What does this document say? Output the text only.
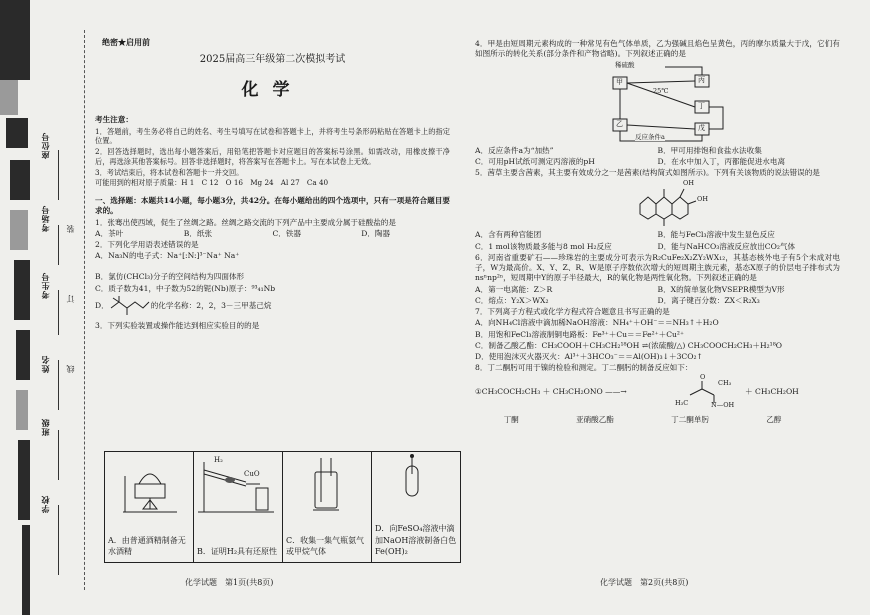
学校
班级
姓名
考生号
考场号
座位号
装
订
线
绝密★启用前
2025届高三年级第二次模拟考试
化学
考生注意：
1．答题前，考生务必将自己的姓名、考生号填写在试卷和答题卡上，并将考生号条形码粘贴在答题卡上的指定位置。
2．回答选择题时，选出每小题答案后，用铅笔把答题卡对应题目的答案标号涂黑。如需改动，用橡皮擦干净后，再选涂其他答案标号。回答非选择题时，将答案写在答题卡上。写在本试卷上无效。
3．考试结束后，将本试卷和答题卡一并交回。
可能用到的相对原子质量：H 1　C 12　O 16　Mg 24　Al 27　Ca 40
一、选择题：本题共14小题，每小题3分，共42分。在每小题给出的四个选项中，只有一项是符合题目要求的。
1．张骞出使西域，促生了丝绸之路。丝绸之路交流的下列产品中主要成分属于硅酸盐的是
A．茶叶	B．纸张	C．铁器	D．陶器
2．下列化学用语表述错误的是
A．Na₃N的电子式：Na⁺[:N:]³⁻Na⁺ Na⁺
B．氯仿(CHCl₃)分子的空间结构为四面体形
C．质子数为41，中子数为52的铌(Nb)原子：⁹³₄₁Nb
D．	的化学名称：2，2，3－三甲基己烷
3．下列实验装置或操作能达到相应实验目的的是
A．由普通酒精制备无水酒精
H₂
CuO
B．证明H₂具有还原性
C．收集一集气瓶氨气或甲烷气体
D．向FeSO₄溶液中滴加NaOH溶液制备白色Fe(OH)₂
化学试题　第1页(共8页)
4．甲是由短周期元素构成的一种常见有色气体单质，乙为强碱且焰色呈黄色，丙的摩尔质量大于戊，它们有如图所示的转化关系(部分条件和产物省略)。下列叙述正确的是
稀硫酸
甲
乙
丙
丁
戊
25℃
反应条件a
A．反应条件a为“加热”	B．甲可用排饱和食盐水法收集
C．可用pH试纸可测定丙溶液的pH	D．在水中加入丁，丙都能促进水电离
5．茜草主要含茜素，其主要有效成分之一是茜素(结构简式如图所示)。下列有关该物质的说法错误的是
OH
OH
A．含有两种官能团	B．能与FeCl₃溶液中发生显色反应
C．1 mol该物质最多能与8 mol H₂反应	D．能与NaHCO₃溶液反应放出CO₂气体
6．河南省重要矿石——珍珠岩的主要成分可表示为R₂CuFe₂X₂ZY₂WX₁₂，其基态核外电子有5个未成对电子，W为最高价。X、Y、Z、R、W是原子序数依次增大的短周期主族元素，基态X原子的价层电子排布式为nsⁿnp²ⁿ，短周期中Y的原子半径最大，R的氧化物是两性氧化物。下列叙述正确的是
A．第一电离能：Z＞R	B．X的简单氢化物VSEPR模型为V形
C．熔点：Y₂X＞WX₂	D．离子键百分数：ZX＜R₂X₃
7．下列离子方程式或化学方程式符合题意且书写正确的是
A．向NH₄Cl溶液中滴加稀NaOH溶液：NH₄⁺＋OH⁻＝＝NH₃↑＋H₂O
B．用饱和FeCl₃溶液制铜电路板：Fe³⁺＋Cu＝＝Fe²⁺＋Cu²⁺
C．制备乙酸乙酯：CH₃COOH＋CH₃CH₂¹⁸OH ⇌(浓硫酸/△) CH₃COOCH₂CH₃＋H₂¹⁸O
D．使用泡沫灭火器灭火：Al³⁺＋3HCO₃⁻＝＝Al(OH)₃↓＋3CO₂↑
8．丁二酮肟可用于镍的检验和测定。丁二酮肟的制备反应如下：
①CH₃COCH₂CH₃ ＋ CH₃CH₂ONO ——→
O
CH₃
H₃C	N—OH
＋ CH₃CH₂OH
丁酮	亚硝酸乙酯	丁二酮单肟	乙醇
化学试题　第2页(共8页)
